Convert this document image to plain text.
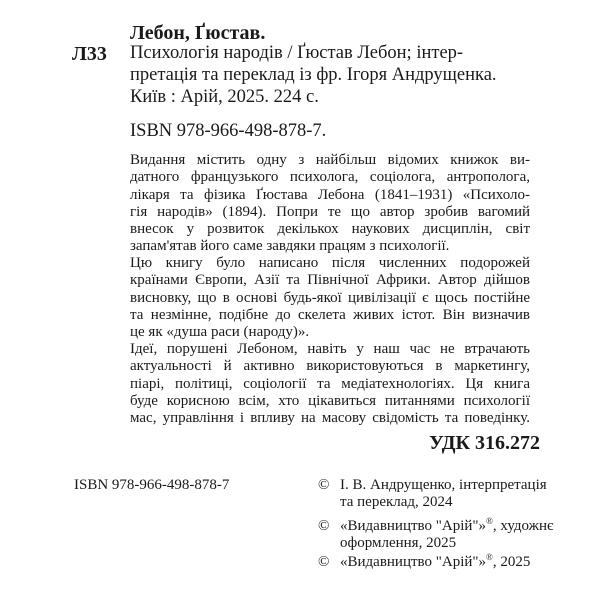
Лебон, Ґюстав.
Л33 Психологія народів / Ґюстав Лебон; інтер-
претація та переклад із фр. Ігоря Андрущенка.
Київ : Арій, 2025. 224 с.
ISBN 978-966-498-878-7.
Видання містить одну з найбільш відомих книжок ви-
датного французького психолога, соціолога, антрополога,
лікаря та фізика Ґюстава Лебона (1841–1931) «Психоло-
гія народів» (1894). Попри те що автор зробив вагомий
внесок у розвиток декількох наукових дисциплін, світ
запам'ятав його саме завдяки працям з психології.
Цю книгу було написано після численних подорожей
країнами Європи, Азії та Північної Африки. Автор дійшов
висновку, що в основі будь-якої цивілізації є щось постійне
та незмінне, подібне до скелета живих істот. Він визначив
це як «душа раси (народу)».
Ідеї, порушені Лебоном, навіть у наш час не втрачають
актуальності й активно використовуються в маркетингу,
піарі, політиці, соціології та медіатехнологіях. Ця книга
буде корисною всім, хто цікавиться питаннями психології
мас, управління і впливу на масову свідомість та поведінку.
УДК 316.272
ISBN 978-966-498-878-7	© І. В. Андрущенко, інтерпретація
та переклад, 2024
© «Видавництво "Арій"»®, художнє
оформлення, 2025
© «Видавництво "Арій"»®, 2025
